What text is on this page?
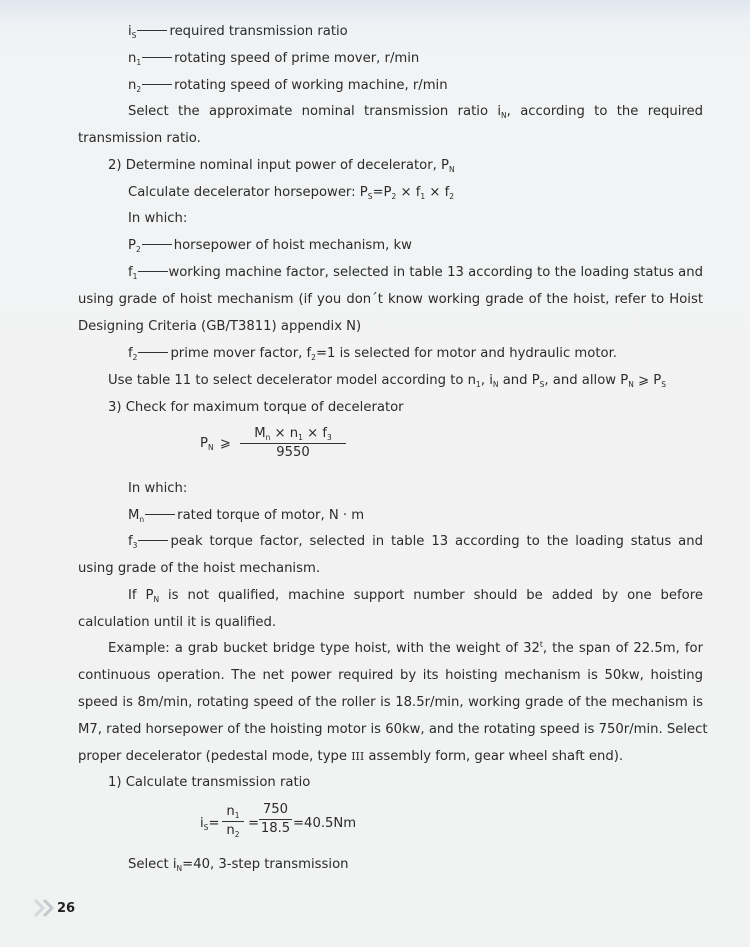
$i_S$	required transmission ratio
$n_1$	rotating speed of prime mover, r/min
$n_2$	rotating speed of working machine, r/min
Select the approximate nominal transmission ratio $i_N$, according to the required
transmission ratio.
2) Determine nominal input power of decelerator, $P_N$
Calculate decelerator horsepower: $P_S=P_2 \times f_1 \times f_2$
In which:
$P_2$	horsepower of hoist mechanism, kw
$f_1$ working machine factor, selected in table 13 according to the loading status and
using grade of hoist mechanism (if you don´t know working grade of the hoist, refer to Hoist
Designing Criteria (GB/T3811) appendix N)
$f_2$	prime mover factor, $f_2=1$ is selected for motor and hydraulic motor.
Use table 11 to select decelerator model according to $n_1$, $i_N$ and $P_S$, and allow $P_N$ ⩾ $P_S$
3) Check for maximum torque of decelerator
$P_N$ ⩾
$M_n \times n_1 \times f_3$
9550
In which:
$M_n$	rated torque of motor, N · m
$f_3$	peak torque factor, selected in table 13 according to the loading status and
using grade of the hoist mechanism.
If $P_N$ is not qualified, machine support number should be added by one before
calculation until it is qualified.
Example: a grab bucket bridge type hoist, with the weight of 32$^t$, the span of 22.5m, for
continuous operation. The net power required by its hoisting mechanism is 50kw, hoisting
speed is 8m/min, rotating speed of the roller is 18.5r/min, working grade of the mechanism is
M7, rated horsepower of the hoisting motor is 60kw, and the rotating speed is 750r/min. Select
proper decelerator (pedestal mode, type III assembly form, gear wheel shaft end).
1) Calculate transmission ratio
$i_S=$
$n_1$
$n_2$
=
750
18.5 =40.5Nm
Select $i_N=40$, 3-step transmission
26
